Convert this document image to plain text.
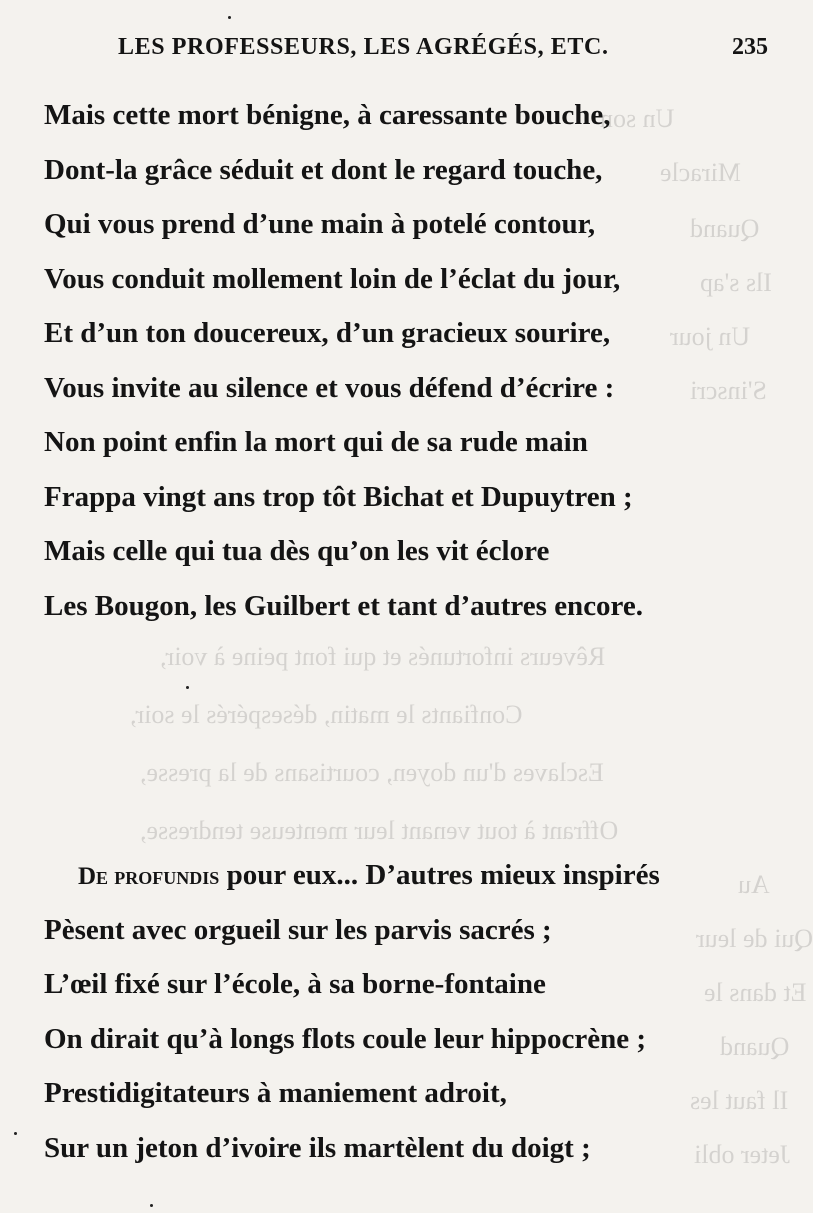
Un son
Miracle
Quand
Ils s'ap
Un jour
S'inscri
Rêveurs infortunés et qui font peine à voir,
Confiants le matin, désespérés le soir,
Esclaves d'un doyen, courtisans de la presse,
Offrant à tout venant leur menteuse tendresse,
Au
Qui de leur
Et dans le
Quand
Il faut les
Jeter obli
LES PROFESSEURS, LES AGRÉGÉS, ETC.	235
Mais cette mort bénigne, à caressante bouche,
Dont-la grâce séduit et dont le regard touche,
Qui vous prend d’une main à potelé contour,
Vous conduit mollement loin de l’éclat du jour,
Et d’un ton doucereux, d’un gracieux sourire,
Vous invite au silence et vous défend d’écrire :
Non point enfin la mort qui de sa rude main
Frappa vingt ans trop tôt Bichat et Dupuytren ;
Mais celle qui tua dès qu’on les vit éclore
Les Bougon, les Guilbert et tant d’autres encore.
De profundis pour eux... D’autres mieux inspirés
Pèsent avec orgueil sur les parvis sacrés ;
L’œil fixé sur l’école, à sa borne-fontaine
On dirait qu’à longs flots coule leur hippocrène ;
Prestidigitateurs à maniement adroit,
Sur un jeton d’ivoire ils martèlent du doigt ;
